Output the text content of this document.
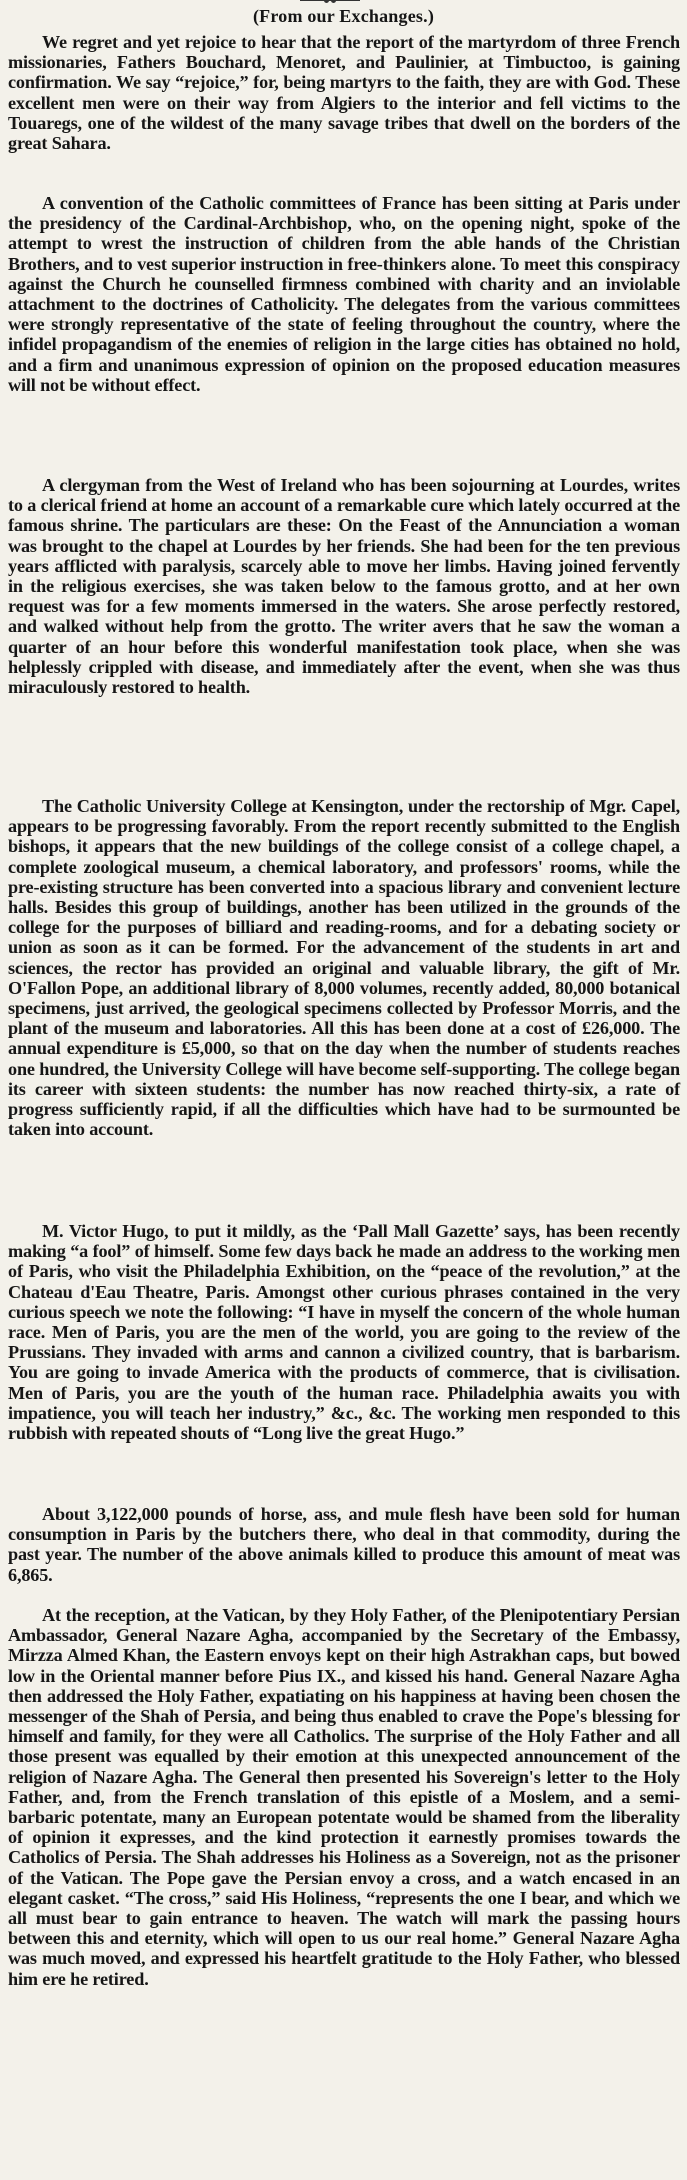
(From our Exchanges.)

We regret and yet rejoice to hear that the report of the martyrdom of three French missionaries, Fathers Bouchard, Menoret, and Paulinier, at Timbuctoo, is gaining confirmation. We say “rejoice,” for, being martyrs to the faith, they are with God. These excellent men were on their way from Algiers to the interior and fell victims to the Touaregs, one of the wildest of the many savage tribes that dwell on the borders of the great Sahara.

A convention of the Catholic committees of France has been sitting at Paris under the presidency of the Cardinal-Archbishop, who, on the opening night, spoke of the attempt to wrest the instruction of children from the able hands of the Christian Brothers, and to vest superior instruction in free-thinkers alone. To meet this conspiracy against the Church he counselled firmness combined with charity and an inviolable attachment to the doctrines of Catholicity. The delegates from the various committees were strongly representative of the state of feeling throughout the country, where the infidel propagandism of the enemies of religion in the large cities has obtained no hold, and a firm and unanimous expression of opinion on the proposed education measures will not be without effect.

A clergyman from the West of Ireland who has been sojourning at Lourdes, writes to a clerical friend at home an account of a remarkable cure which lately occurred at the famous shrine. The particulars are these: On the Feast of the Annunciation a woman was brought to the chapel at Lourdes by her friends. She had been for the ten previous years afflicted with paralysis, scarcely able to move her limbs. Having joined fervently in the religious exercises, she was taken below to the famous grotto, and at her own request was for a few moments immersed in the waters. She arose perfectly restored, and walked without help from the grotto. The writer avers that he saw the woman a quarter of an hour before this wonderful manifestation took place, when she was helplessly crippled with disease, and immediately after the event, when she was thus miraculously restored to health.

The Catholic University College at Kensington, under the rectorship of Mgr. Capel, appears to be progressing favorably. From the report recently submitted to the English bishops, it appears that the new buildings of the college consist of a college chapel, a complete zoological museum, a chemical laboratory, and professors' rooms, while the pre-existing structure has been converted into a spacious library and convenient lecture halls. Besides this group of buildings, another has been utilized in the grounds of the college for the purposes of billiard and reading-rooms, and for a debating society or union as soon as it can be formed. For the advancement of the students in art and sciences, the rector has provided an original and valuable library, the gift of Mr. O'Fallon Pope, an additional library of 8,000 volumes, recently added, 80,000 botanical specimens, just arrived, the geological specimens collected by Professor Morris, and the plant of the museum and laboratories. All this has been done at a cost of £26,000. The annual expenditure is £5,000, so that on the day when the number of students reaches one hundred, the University College will have become self-supporting. The college began its career with sixteen students: the number has now reached thirty-six, a rate of progress sufficiently rapid, if all the difficulties which have had to be surmounted be taken into account.

M. Victor Hugo, to put it mildly, as the ‘Pall Mall Gazette’ says, has been recently making “a fool” of himself. Some few days back he made an address to the working men of Paris, who visit the Philadelphia Exhibition, on the “peace of the revolution,” at the Chateau d'Eau Theatre, Paris. Amongst other curious phrases contained in the very curious speech we note the following: “I have in myself the concern of the whole human race. Men of Paris, you are the men of the world, you are going to the review of the Prussians. They invaded with arms and cannon a civilized country, that is barbarism. You are going to invade America with the products of commerce, that is civilisation. Men of Paris, you are the youth of the human race. Philadelphia awaits you with impatience, you will teach her industry,” &c., &c. The working men responded to this rubbish with repeated shouts of “Long live the great Hugo.”

About 3,122,000 pounds of horse, ass, and mule flesh have been sold for human consumption in Paris by the butchers there, who deal in that commodity, during the past year. The number of the above animals killed to produce this amount of meat was 6,865.

At the reception, at the Vatican, by they Holy Father, of the Plenipotentiary Persian Ambassador, General Nazare Agha, accompanied by the Secretary of the Embassy, Mirzza Almed Khan, the Eastern envoys kept on their high Astrakhan caps, but bowed low in the Oriental manner before Pius IX., and kissed his hand. General Nazare Agha then addressed the Holy Father, expatiating on his happiness at having been chosen the messenger of the Shah of Persia, and being thus enabled to crave the Pope's blessing for himself and family, for they were all Catholics. The surprise of the Holy Father and all those present was equalled by their emotion at this unexpected announcement of the religion of Nazare Agha. The General then presented his Sovereign's letter to the Holy Father, and, from the French translation of this epistle of a Moslem, and a semi-barbaric potentate, many an European potentate would be shamed from the liberality of opinion it expresses, and the kind protection it earnestly promises towards the Catholics of Persia. The Shah addresses his Holiness as a Sovereign, not as the prisoner of the Vatican. The Pope gave the Persian envoy a cross, and a watch encased in an elegant casket. “The cross,” said His Holiness, “represents the one I bear, and which we all must bear to gain entrance to heaven. The watch will mark the passing hours between this and eternity, which will open to us our real home.” General Nazare Agha was much moved, and expressed his heartfelt gratitude to the Holy Father, who blessed him ere he retired.
